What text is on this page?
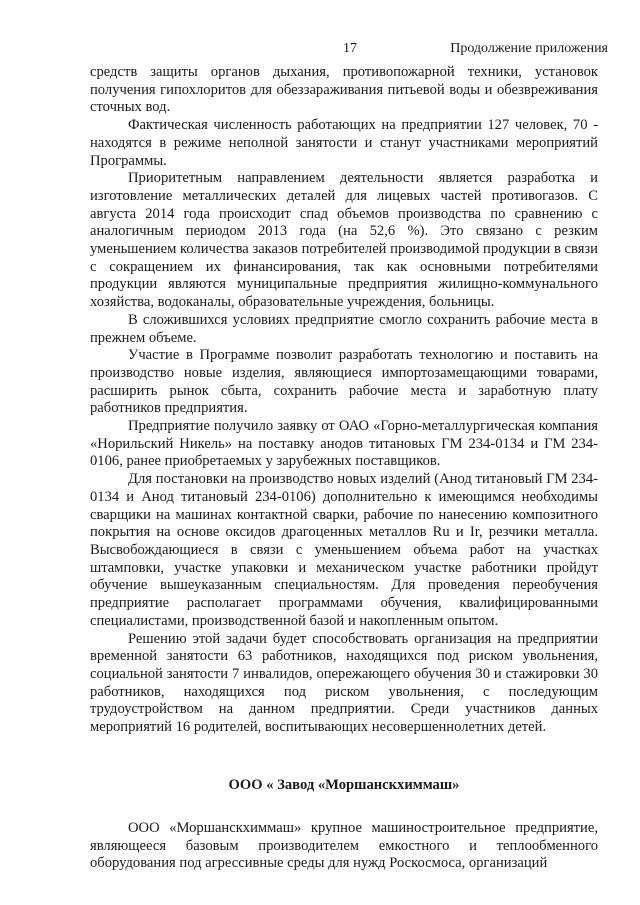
17	Продолжение приложения

средств защиты органов дыхания, противопожарной техники, установок получения гипохлоритов для обеззараживания питьевой воды и обезвреживания сточных вод.

Фактическая численность работающих на предприятии 127 человек, 70 - находятся в режиме неполной занятости и станут участниками мероприятий Программы.

Приоритетным направлением деятельности является разработка и изготовление металлических деталей для лицевых частей противогазов. С августа 2014 года происходит спад объемов производства по сравнению с аналогичным периодом 2013 года (на 52,6 %). Это связано с резким уменьшением количества заказов потребителей производимой продукции в связи с сокращением их финансирования, так как основными потребителями продукции являются муниципальные предприятия жилищно-коммунального хозяйства, водоканалы, образовательные учреждения, больницы.

В сложившихся условиях предприятие смогло сохранить рабочие места в прежнем объеме.

Участие в Программе позволит разработать технологию и поставить на производство новые изделия, являющиеся импортозамещающими товарами, расширить рынок сбыта, сохранить рабочие места и заработную плату работников предприятия.

Предприятие получило заявку от ОАО «Горно-металлургическая компания «Норильский Никель» на поставку анодов титановых ГМ 234-0134 и ГМ 234-0106, ранее приобретаемых у зарубежных поставщиков.

Для постановки на производство новых изделий (Анод титановый ГМ 234-0134 и Анод титановый 234-0106) дополнительно к имеющимся необходимы сварщики на машинах контактной сварки, рабочие по нанесению композитного покрытия на основе оксидов драгоценных металлов Ru и Ir, резчики металла. Высвобождающиеся в связи с уменьшением объема работ на участках штамповки, участке упаковки и механическом участке работники пройдут обучение вышеуказанным специальностям. Для проведения переобучения предприятие располагает программами обучения, квалифицированными специалистами, производственной базой и накопленным опытом.

Решению этой задачи будет способствовать организация на предприятии временной занятости 63 работников, находящихся под риском увольнения, социальной занятости 7 инвалидов, опережающего обучения 30 и стажировки 30 работников, находящихся под риском увольнения, с последующим трудоустройством на данном предприятии. Среди участников данных мероприятий 16 родителей, воспитывающих несовершеннолетних детей.

ООО « Завод «Моршанскхиммаш»

ООО «Моршанскхиммаш» крупное машиностроительное предприятие, являющееся базовым производителем емкостного и теплообменного оборудования под агрессивные среды для нужд Роскосмоса, организаций
